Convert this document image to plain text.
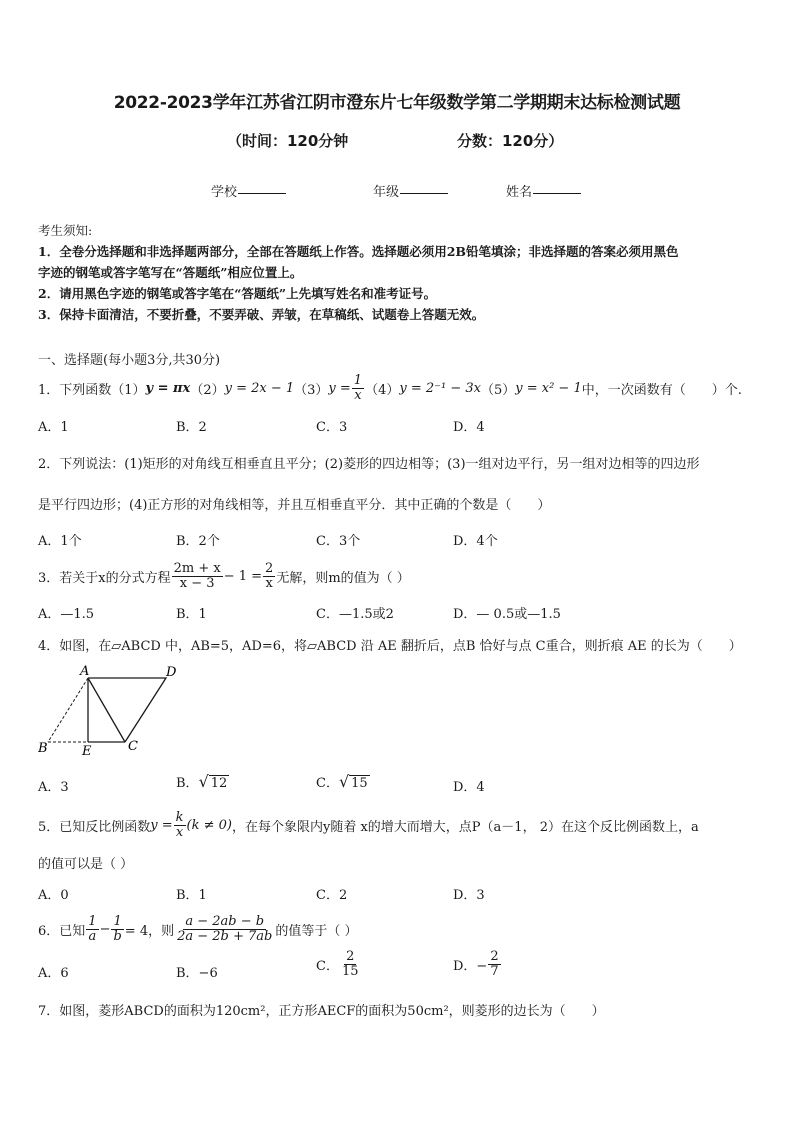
2022-2023学年江苏省江阴市澄东片七年级数学第二学期期末达标检测试题
（时间：120分钟	分数：120分）
学校	年级	姓名
考生须知:
1．全卷分选择题和非选择题两部分，全部在答题纸上作答。选择题必须用2B铅笔填涂；非选择题的答案必须用黑色
字迹的钢笔或答字笔写在“答题纸”相应位置上。
2．请用黑色字迹的钢笔或答字笔在“答题纸”上先填写姓名和准考证号。
3．保持卡面清洁，不要折叠，不要弄破、弄皱，在草稿纸、试题卷上答题无效。
一、选择题(每小题3分,共30分)
1．下列函数（1） y = πx （2） y = 2x − 1 （3） $y = \frac{1}{x} (4) y = 2^{-1} - 3x$ （5） y = x² − 1 中，一次函数有（　　）个.
A．1	B．2	C．3	D．4
2．下列说法：(1)矩形的对角线互相垂直且平分；(2)菱形的四边相等；(3)一组对边平行，另一组对边相等的四边形
是平行四边形；(4)正方形的对角线相等，并且互相垂直平分．其中正确的个数是（　　）
A．1个	B．2个	C．3个	D．4个
3．若关于x的分式方程 $\frac{2m + x}{x - 3} - 1 = \frac{2}{x}$ 无解，则m的值为（ ）
A．—1.5	B．1	C．—1.5或2	D．— 0.5或—1.5
4．如图，在▱ABCD 中，AB=5，AD=6，将▱ABCD 沿 AE 翻折后，点B 恰好与点 C重合，则折痕 AE 的长为（　　）
A	D
B	E	C
A．3	B．√ 12	C．√ 15	D．4
5．已知反比例函数 $y = \frac{k}{x} (k \ne 0)$ ，在每个象限内y随着 x的增大而增大，点P（a－1， 2）在这个反比例函数上，a
的值可以是（ ）
A．0	B．1	C．2	D．3
6．已知 $\frac{1}{a} - \frac{1}{b} = 4$，则 $\frac{a - 2ab - b}{2a - 2b + 7ab}$ 的值等于（ ）
A．6	B．−6	C． $\frac{2}{15}$	D．− $\frac{2}{7}$
7．如图，菱形ABCD的面积为120cm²，正方形AECF的面积为50cm²，则菱形的边长为（　　）
